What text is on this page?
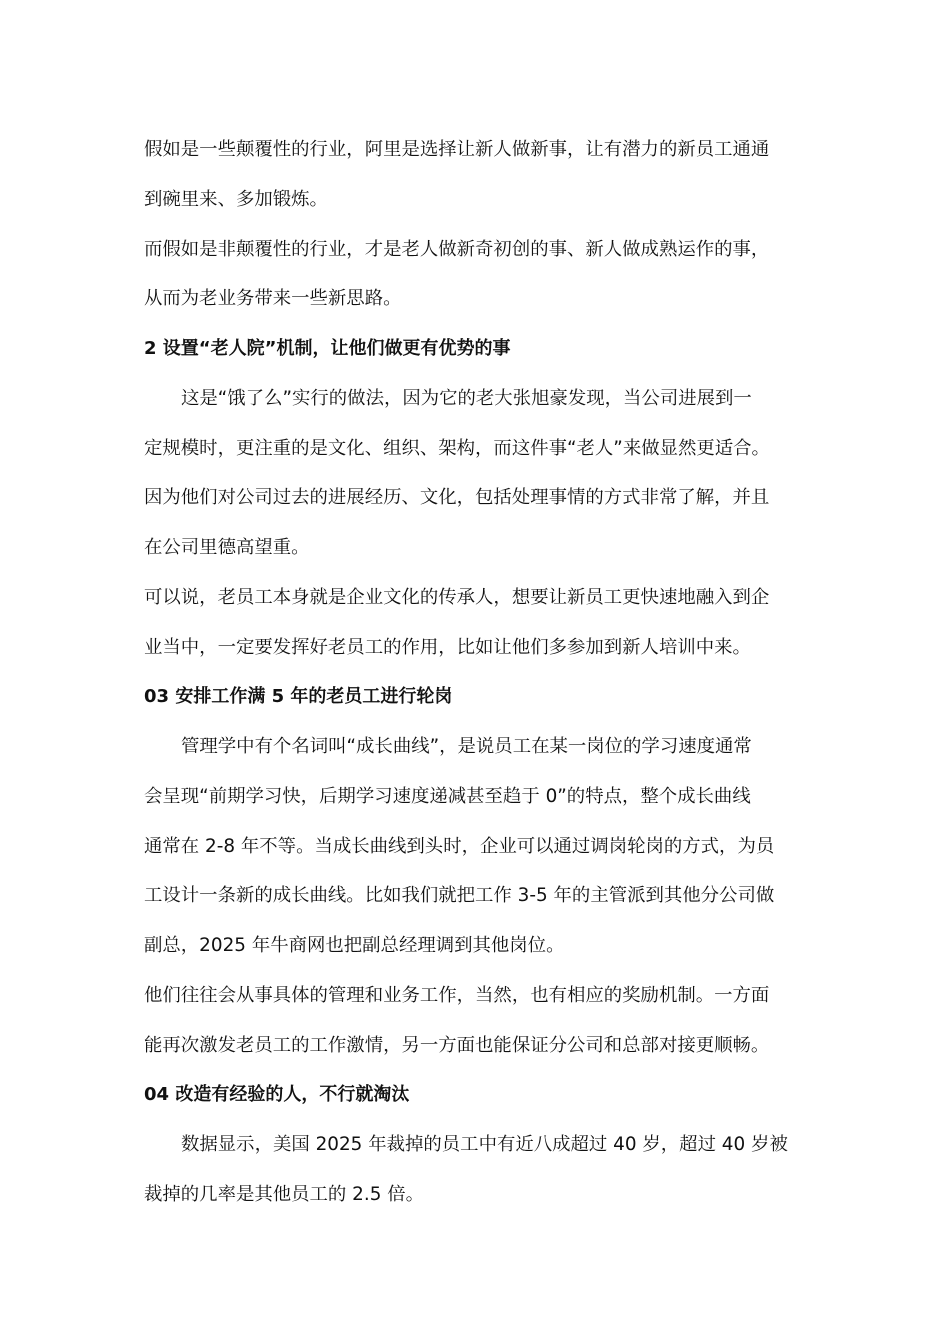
假如是一些颠覆性的行业，阿里是选择让新人做新事，让有潜力的新员工通通
到碗里来、多加锻炼。
而假如是非颠覆性的行业，才是老人做新奇初创的事、新人做成熟运作的事，
从而为老业务带来一些新思路。
2 设置“老人院”机制，让他们做更有优势的事
这是“饿了么”实行的做法，因为它的老大张旭豪发现，当公司进展到一
定规模时，更注重的是文化、组织、架构，而这件事“老人”来做显然更适合。
因为他们对公司过去的进展经历、文化，包括处理事情的方式非常了解，并且
在公司里德高望重。
可以说，老员工本身就是企业文化的传承人，想要让新员工更快速地融入到企
业当中，一定要发挥好老员工的作用，比如让他们多参加到新人培训中来。
03 安排工作满 5 年的老员工进行轮岗
管理学中有个名词叫“成长曲线”，是说员工在某一岗位的学习速度通常
会呈现“前期学习快，后期学习速度递减甚至趋于 0”的特点，整个成长曲线
通常在 2-8 年不等。当成长曲线到头时，企业可以通过调岗轮岗的方式，为员
工设计一条新的成长曲线。比如我们就把工作 3-5 年的主管派到其他分公司做
副总，2025 年牛商网也把副总经理调到其他岗位。
他们往往会从事具体的管理和业务工作，当然，也有相应的奖励机制。一方面
能再次激发老员工的工作激情，另一方面也能保证分公司和总部对接更顺畅。
04 改造有经验的人，不行就淘汰
数据显示，美国 2025 年裁掉的员工中有近八成超过 40 岁，超过 40 岁被
裁掉的几率是其他员工的 2.5 倍。
